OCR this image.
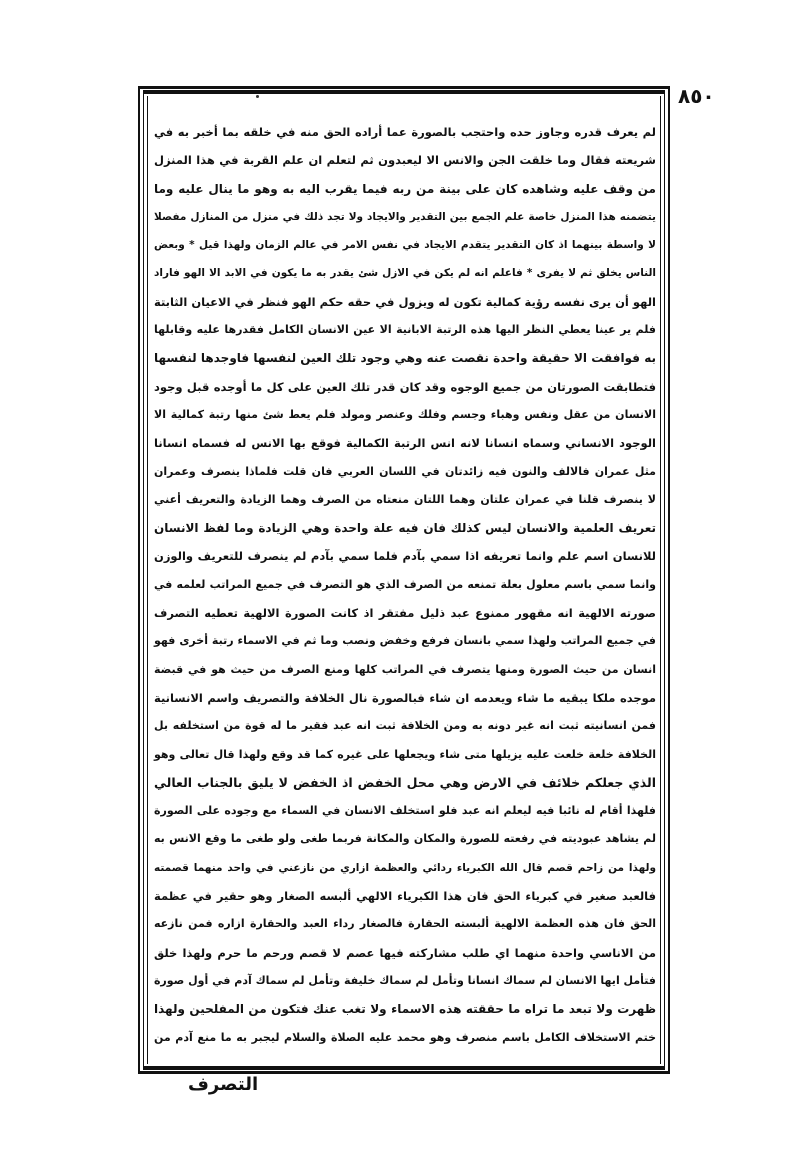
٨٥٠
لم يعرف قدره وجاوز حده واحتجب بالصورة عما أراده الحق منه في خلقه بما أخبر به في
شريعته فقال وما خلقت الجن والانس الا ليعبدون ثم لتعلم ان علم القربة في هذا المنزل
من وقف عليه وشاهده كان على بينة من ربه فيما يقرب اليه به وهو ما ينال عليه وما
يتضمنه هذا المنزل خاصة علم الجمع بين التقدير والايجاد ولا تجد ذلك في منزل من المنازل مفصلا
لا واسطة بينهما اذ كان التقدير يتقدم الايجاد في نفس الامر في عالم الزمان ولهذا قيل * وبعض
الناس يخلق ثم لا يفرى * فاعلم انه لم يكن في الازل شئ يقدر به ما يكون في الابد الا الهو فاراد
الهو أن يرى نفسه رؤية كمالية تكون له ويزول في حقه حكم الهو فنظر في الاعيان الثابتة
فلم ير عينا يعطي النظر اليها هذه الرتبة الابانية الا عين الانسان الكامل فقدرها عليه وقابلها
به فوافقت الا حقيقة واحدة نقصت عنه وهي وجود تلك العين لنفسها فاوجدها لنفسها
فتطابقت الصورتان من جميع الوجوه وقد كان قدر تلك العين على كل ما أوجده قبل وجود
الانسان من عقل ونفس وهباء وجسم وفلك وعنصر ومولد فلم يعط شئ منها رتبة كمالية الا
الوجود الانساني وسماه انسانا لانه انس الرتبة الكمالية فوقع بها الانس له فسماه انسانا
مثل عمران فالالف والنون فيه زائدتان في اللسان العربي فان قلت فلماذا ينصرف وعمران
لا ينصرف قلنا في عمران علتان وهما اللتان منعتاه من الصرف وهما الزيادة والتعريف أعني
تعريف العلمية والانسان ليس كذلك فان فيه علة واحدة وهي الزيادة وما لفظ الانسان
للانسان اسم علم وانما تعريفه اذا سمي بآدم فلما سمي بآدم لم ينصرف للتعريف والوزن
وانما سمي باسم معلول بعلة تمنعه من الصرف الذي هو التصرف في جميع المراتب لعلمه في
صورته الالهية انه مقهور ممنوع عبد ذليل مفتقر اذ كانت الصورة الالهية تعطيه التصرف
في جميع المراتب ولهذا سمي بانسان فرفع وخفض ونصب وما ثم في الاسماء رتبة أخرى فهو
انسان من حيث الصورة ومنها يتصرف في المراتب كلها ومنع الصرف من حيث هو في قبضة
موجده ملكا يبقيه ما شاء ويعدمه ان شاء فبالصورة نال الخلافة والتصريف واسم الانسانية
فمن انسانيته ثبت انه غير دونه به ومن الخلافة ثبت انه عبد فقير ما له قوة من استخلفه بل
الخلافة خلعة خلعت عليه يزيلها متى شاء ويجعلها على غيره كما قد وقع ولهذا قال تعالى وهو
الذي جعلكم خلائف في الارض وهي محل الخفض اذ الخفض لا يليق بالجناب العالي
فلهذا أقام له نائبا فيه ليعلم انه عبد فلو استخلف الانسان في السماء مع وجوده على الصورة
لم يشاهد عبوديته في رفعته للصورة والمكان والمكانة فربما طغى ولو طغى ما وقع الانس به
ولهذا من زاحم قصم قال الله الكبرياء ردائي والعظمة ازاري من نازعني في واحد منهما قصمته
فالعبد صغير في كبرياء الحق فان هذا الكبرياء الالهي ألبسه الصغار وهو حقير في عظمة
الحق فان هذه العظمة الالهية ألبسته الحقارة فالصغار رداء العبد والحقارة ازاره فمن نازعه
من الاناسي واحدة منهما اي طلب مشاركته فيها عصم لا قصم ورحم ما حرم ولهذا خلق
فتأمل ايها الانسان لم سماك انسانا وتأمل لم سماك خليفة وتأمل لم سماك آدم في أول صورة
ظهرت ولا تبعد ما تراه ما حققته هذه الاسماء ولا تغب عنك فتكون من المفلحين ولهذا
ختم الاستخلاف الكامل باسم منصرف وهو محمد عليه الصلاة والسلام ليجبر به ما منع آدم من
التصرف
